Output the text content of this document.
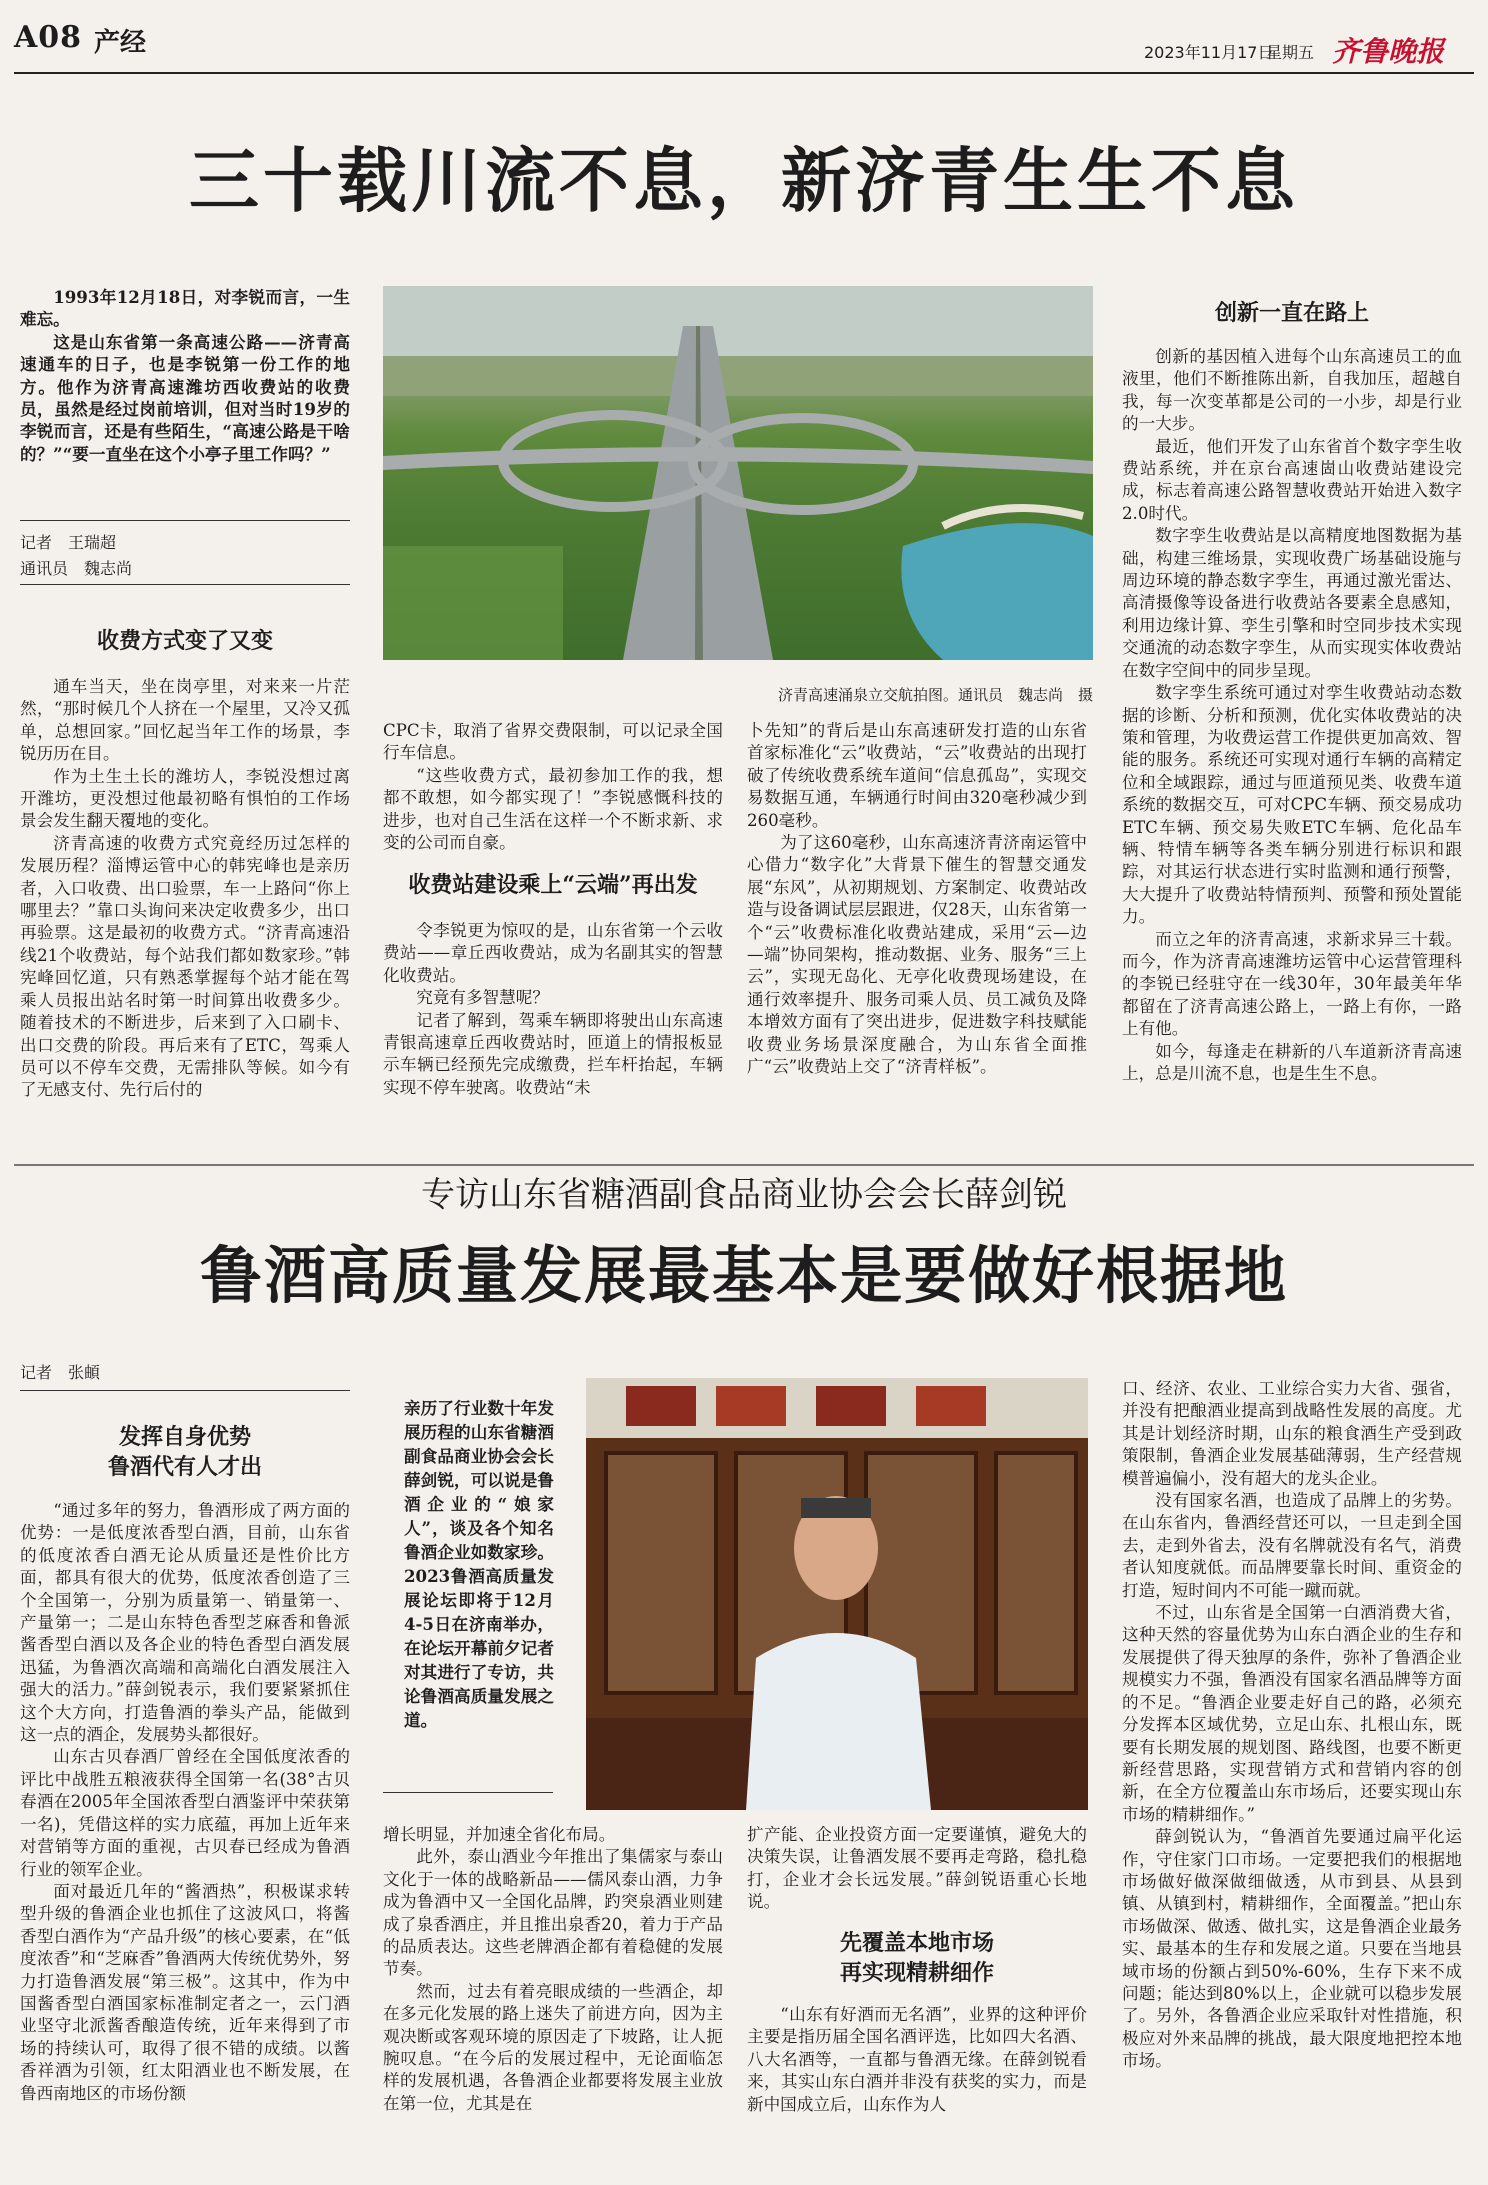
A08 产经	2023年11月17日
星期五 齐鲁晚报
三十载川流不息，新济青生生不息

1993年12月18日，对李锐而言，一生难忘。

这是山东省第一条高速公路——济青高速通车的日子，也是李锐第一份工作的地方。他作为济青高速潍坊西收费站的收费员，虽然是经过岗前培训，但对当时19岁的李锐而言，还是有些陌生，“高速公路是干啥的？”“要一直坐在这个小亭子里工作吗？”

记者　王瑞超
通讯员　魏志尚
济青高速涌泉立交航拍图。通讯员　魏志尚　摄
收费方式变了又变

通车当天，坐在岗亭里，对来来一片茫然，“那时候几个人挤在一个屋里，又冷又孤单，总想回家。”回忆起当年工作的场景，李锐历历在目。

作为土生土长的潍坊人，李锐没想过离开潍坊，更没想过他最初略有惧怕的工作场景会发生翻天覆地的变化。

济青高速的收费方式究竟经历过怎样的发展历程？淄博运管中心的韩宪峰也是亲历者，入口收费、出口验票，车一上路问“你上哪里去？”靠口头询问来决定收费多少，出口再验票。这是最初的收费方式。“济青高速沿线21个收费站，每个站我们都如数家珍。”韩宪峰回忆道，只有熟悉掌握每个站才能在驾乘人员报出站名时第一时间算出收费多少。随着技术的不断进步，后来到了入口刷卡、出口交费的阶段。再后来有了ETC，驾乘人员可以不停车交费，无需排队等候。如今有了无感支付、先行后付的

CPC卡，取消了省界交费限制，可以记录全国行车信息。

“这些收费方式，最初参加工作的我，想都不敢想，如今都实现了！”李锐感慨科技的进步，也对自己生活在这样一个不断求新、求变的公司而自豪。

收费站建设乘上“云端”再出发

令李锐更为惊叹的是，山东省第一个云收费站——章丘西收费站，成为名副其实的智慧化收费站。

究竟有多智慧呢？

记者了解到，驾乘车辆即将驶出山东高速青银高速章丘西收费站时，匝道上的情报板显示车辆已经预先完成缴费，拦车杆抬起，车辆实现不停车驶离。收费站“未

卜先知”的背后是山东高速研发打造的山东省首家标准化“云”收费站，“云”收费站的出现打破了传统收费系统车道间“信息孤岛”，实现交易数据互通，车辆通行时间由320毫秒减少到260毫秒。

为了这60毫秒，山东高速济青济南运管中心借力“数字化”大背景下催生的智慧交通发展“东风”，从初期规划、方案制定、收费站改造与设备调试层层跟进，仅28天，山东省第一个“云”收费标准化收费站建成，采用“云—边—端”协同架构，推动数据、业务、服务“三上云”，实现无岛化、无亭化收费现场建设，在通行效率提升、服务司乘人员、员工减负及降本增效方面有了突出进步，促进数字科技赋能收费业务场景深度融合，为山东省全面推广“云”收费站上交了“济青样板”。

创新一直在路上

创新的基因植入进每个山东高速员工的血液里，他们不断推陈出新，自我加压，超越自我，每一次变革都是公司的一小步，却是行业的一大步。

最近，他们开发了山东省首个数字孪生收费站系统，并在京台高速崮山收费站建设完成，标志着高速公路智慧收费站开始进入数字2.0时代。

数字孪生收费站是以高精度地图数据为基础，构建三维场景，实现收费广场基础设施与周边环境的静态数字孪生，再通过激光雷达、高清摄像等设备进行收费站各要素全息感知，利用边缘计算、孪生引擎和时空同步技术实现交通流的动态数字孪生，从而实现实体收费站在数字空间中的同步呈现。

数字孪生系统可通过对孪生收费站动态数据的诊断、分析和预测，优化实体收费站的决策和管理，为收费运营工作提供更加高效、智能的服务。系统还可实现对通行车辆的高精定位和全域跟踪，通过与匝道预见类、收费车道系统的数据交互，可对CPC车辆、预交易成功ETC车辆、预交易失败ETC车辆、危化品车辆、特情车辆等各类车辆分别进行标识和跟踪，对其运行状态进行实时监测和通行预警，大大提升了收费站特情预判、预警和预处置能力。

而立之年的济青高速，求新求异三十载。而今，作为济青高速潍坊运管中心运营管理科的李锐已经驻守在一线30年，30年最美年华都留在了济青高速公路上，一路上有你，一路上有他。

如今，每逢走在耕新的八车道新济青高速上，总是川流不息，也是生生不息。

专访山东省糖酒副食品商业协会会长薛剑锐
鲁酒高质量发展最基本是要做好根据地
记者　张頔
发挥自身优势
鲁酒代有人才出

“通过多年的努力，鲁酒形成了两方面的优势：一是低度浓香型白酒，目前，山东省的低度浓香白酒无论从质量还是性价比方面，都具有很大的优势，低度浓香创造了三个全国第一，分别为质量第一、销量第一、产量第一；二是山东特色香型芝麻香和鲁派酱香型白酒以及各企业的特色香型白酒发展迅猛，为鲁酒次高端和高端化白酒发展注入强大的活力。”薛剑锐表示，我们要紧紧抓住这个大方向，打造鲁酒的拳头产品，能做到这一点的酒企，发展势头都很好。

山东古贝春酒厂曾经在全国低度浓香的评比中战胜五粮液获得全国第一名(38°古贝春酒在2005年全国浓香型白酒鉴评中荣获第一名)，凭借这样的实力底蕴，再加上近年来对营销等方面的重视，古贝春已经成为鲁酒行业的领军企业。

面对最近几年的“酱酒热”，积极谋求转型升级的鲁酒企业也抓住了这波风口，将酱香型白酒作为“产品升级”的核心要素，在“低度浓香”和“芝麻香”鲁酒两大传统优势外，努力打造鲁酒发展“第三极”。这其中，作为中国酱香型白酒国家标准制定者之一，云门酒业坚守北派酱香酿造传统，近年来得到了市场的持续认可，取得了很不错的成绩。以酱香祥酒为引领，红太阳酒业也不断发展，在鲁西南地区的市场份额

亲历了行业数十年发展历程的山东省糖酒副食品商业协会会长薛剑锐，可以说是鲁酒企业的“娘家人”，谈及各个知名鲁酒企业如数家珍。2023鲁酒高质量发展论坛即将于12月4-5日在济南举办，在论坛开幕前夕记者对其进行了专访，共论鲁酒高质量发展之道。

增长明显，并加速全省化布局。

此外，泰山酒业今年推出了集儒家与泰山文化于一体的战略新品——儒风泰山酒，力争成为鲁酒中又一全国化品牌，趵突泉酒业则建成了泉香酒庄，并且推出泉香20，着力于产品的品质表达。这些老牌酒企都有着稳健的发展节奏。

然而，过去有着亮眼成绩的一些酒企，却在多元化发展的路上迷失了前进方向，因为主观决断或客观环境的原因走了下坡路，让人扼腕叹息。“在今后的发展过程中，无论面临怎样的发展机遇，各鲁酒企业都要将发展主业放在第一位，尤其是在

扩产能、企业投资方面一定要谨慎，避免大的决策失误，让鲁酒发展不要再走弯路，稳扎稳打，企业才会长远发展。”薛剑锐语重心长地说。

先覆盖本地市场
再实现精耕细作

“山东有好酒而无名酒”，业界的这种评价主要是指历届全国名酒评选，比如四大名酒、八大名酒等，一直都与鲁酒无缘。在薛剑锐看来，其实山东白酒并非没有获奖的实力，而是新中国成立后，山东作为人

口、经济、农业、工业综合实力大省、强省，并没有把酿酒业提高到战略性发展的高度。尤其是计划经济时期，山东的粮食酒生产受到政策限制，鲁酒企业发展基础薄弱，生产经营规模普遍偏小，没有超大的龙头企业。

没有国家名酒，也造成了品牌上的劣势。在山东省内，鲁酒经营还可以，一旦走到全国去，走到外省去，没有名牌就没有名气，消费者认知度就低。而品牌要靠长时间、重资金的打造，短时间内不可能一蹴而就。

不过，山东省是全国第一白酒消费大省，这种天然的容量优势为山东白酒企业的生存和发展提供了得天独厚的条件，弥补了鲁酒企业规模实力不强，鲁酒没有国家名酒品牌等方面的不足。“鲁酒企业要走好自己的路，必须充分发挥本区域优势，立足山东、扎根山东，既要有长期发展的规划图、路线图，也要不断更新经营思路，实现营销方式和营销内容的创新，在全方位覆盖山东市场后，还要实现山东市场的精耕细作。”

薛剑锐认为，“鲁酒首先要通过扁平化运作，守住家门口市场。一定要把我们的根据地市场做好做深做细做透，从市到县、从县到镇、从镇到村，精耕细作，全面覆盖。”把山东市场做深、做透、做扎实，这是鲁酒企业最务实、最基本的生存和发展之道。只要在当地县域市场的份额占到50%-60%，生存下来不成问题；能达到80%以上，企业就可以稳步发展了。另外，各鲁酒企业应采取针对性措施，积极应对外来品牌的挑战，最大限度地把控本地市场。
